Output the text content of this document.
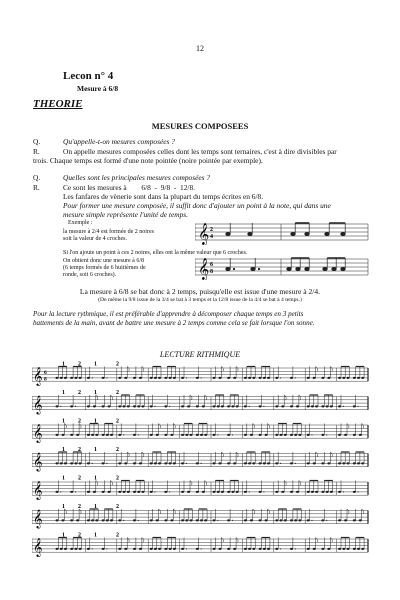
12
Lecon n° 4
Mesure à 6/8
THEORIE
MESURES COMPOSEES
Q.	Qu'appelle-t-on mesures composées ?
R.	On appelle mesures composées celles dont les temps sont ternaires, c'est à dire divisibles par
trois. Chaque temps est formé d'une note pointée (noire pointée par exemple).
Q.	Quelles sont les principales mesures composées ?
R.	Ce sont les mesures à        6/8  -  9/8  -  12/8.
Les fanfares de vènerie sont dans la plupart du temps écrites en 6/8.
Pour former une mesure composée, il suffit donc d'ajouter un point à la note, qui dans une
mesure simple représente l'unité de temps.
Exemple :
la mesure à 2/4 est formée de 2 noires
soit la valeur de 4 croches.	𝄞 2
4
Si l'on ajoute un point à ces 2 noires, elles ont la même valeur que 6 croches.
On obtient donc une mesure à 6/8
(6 temps formés de 6 huitièmes de
ronde, soit 6 croches).	𝄞 6
8
La mesure à 6/8 se bat donc à 2 temps, puisqu'elle est issue d'une mesure à 2/4.
(De même la 9/8 issue de la 3/4 se bat à 3 temps et la 12/8 issue de la 4/4 se bat à 4 temps.)
Pour la lecture rythmique, il est préférable d'apprendre à décomposer chaque temps en 3 petits
battements de la main, avant de battre une mesure à 2 temps comme cela se fait lorsque l'on sonne.
LECTURE RITHMIQUE
𝄞 6
8
1 2 1	2
𝄞
1 2 1	2
𝄞
1 2 1	2
𝄞
1 2 1	2
𝄞
1 2 1	2
𝄞
1 2 1	2
𝄞
1 2 1	2
